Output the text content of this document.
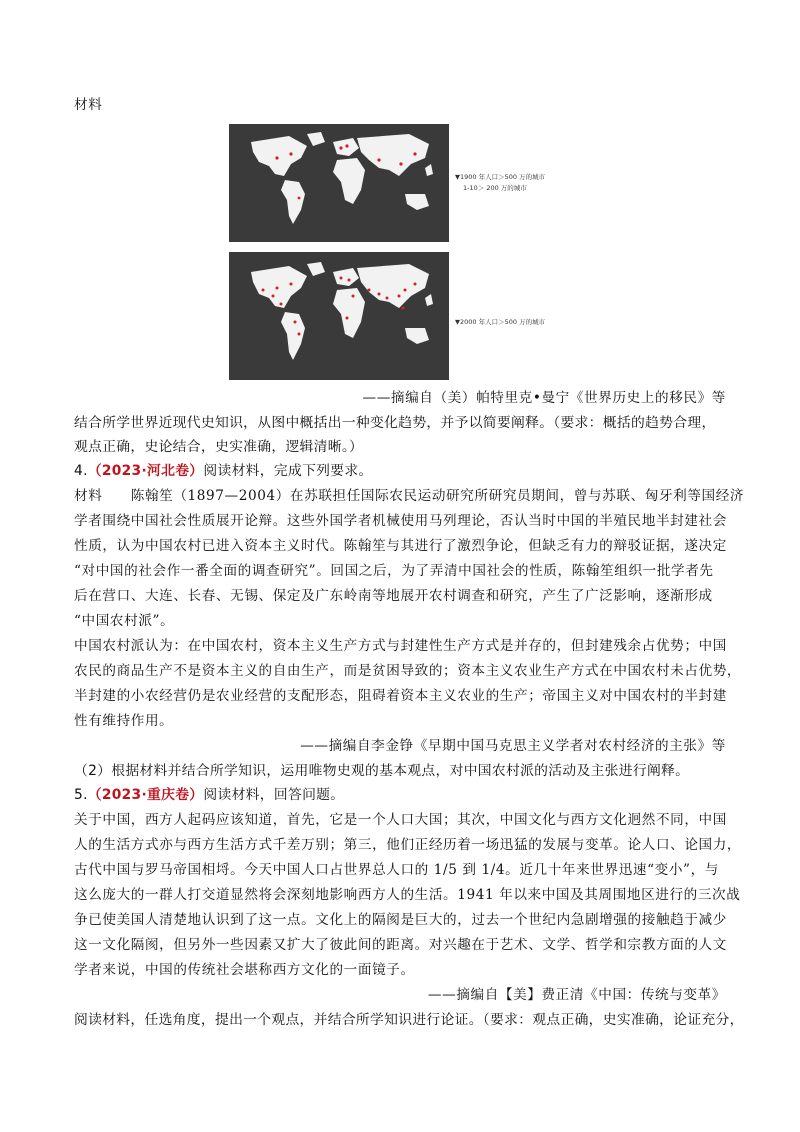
材料
▼1900 年人口＞500 万的城市
1-10＞ 200 万的城市
▼2000 年人口＞500 万的城市
——摘编自（美）帕特里克•曼宁《世界历史上的移民》等
结合所学世界近现代史知识，从图中概括出一种变化趋势，并予以简要阐释。（要求：概括的趋势合理，
观点正确，史论结合，史实准确，逻辑清晰。）
4.（2023·河北卷）阅读材料，完成下列要求。
材料　　陈翰笙（1897—2004）在苏联担任国际农民运动研究所研究员期间，曾与苏联、匈牙利等国经济
学者围绕中国社会性质展开论辩。这些外国学者机械使用马列理论，否认当时中国的半殖民地半封建社会
性质，认为中国农村已进入资本主义时代。陈翰笙与其进行了激烈争论，但缺乏有力的辩驳证据，遂决定
“对中国的社会作一番全面的调查研究”。回国之后，为了弄清中国社会的性质，陈翰笙组织一批学者先
后在营口、大连、长春、无锡、保定及广东岭南等地展开农村调查和研究，产生了广泛影响，逐渐形成
“中国农村派”。
中国农村派认为：在中国农村，资本主义生产方式与封建性生产方式是并存的，但封建残余占优势；中国
农民的商品生产不是资本主义的自由生产，而是贫困导致的；资本主义农业生产方式在中国农村未占优势，
半封建的小农经营仍是农业经营的支配形态，阻碍着资本主义农业的生产；帝国主义对中国农村的半封建
性有维持作用。
——摘编自李金铮《早期中国马克思主义学者对农村经济的主张》等
（2）根据材料并结合所学知识，运用唯物史观的基本观点，对中国农村派的活动及主张进行阐释。
5.（2023·重庆卷）阅读材料，回答问题。
关于中国，西方人起码应该知道，首先，它是一个人口大国；其次，中国文化与西方文化迥然不同，中国
人的生活方式亦与西方生活方式千差万别；第三，他们正经历着一场迅猛的发展与变革。论人口、论国力，
古代中国与罗马帝国相埒。今天中国人口占世界总人口的 1/5 到 1/4。近几十年来世界迅速“变小”，与
这么庞大的一群人打交道显然将会深刻地影响西方人的生活。1941 年以来中国及其周围地区进行的三次战
争已使美国人清楚地认识到了这一点。文化上的隔阂是巨大的，过去一个世纪内急剧增强的接触趋于减少
这一文化隔阂，但另外一些因素又扩大了彼此间的距离。对兴趣在于艺术、文学、哲学和宗教方面的人文
学者来说，中国的传统社会堪称西方文化的一面镜子。
——摘编自【美】费正清《中国：传统与变革》
阅读材料，任选角度，提出一个观点，并结合所学知识进行论证。（要求：观点正确，史实准确，论证充分，
